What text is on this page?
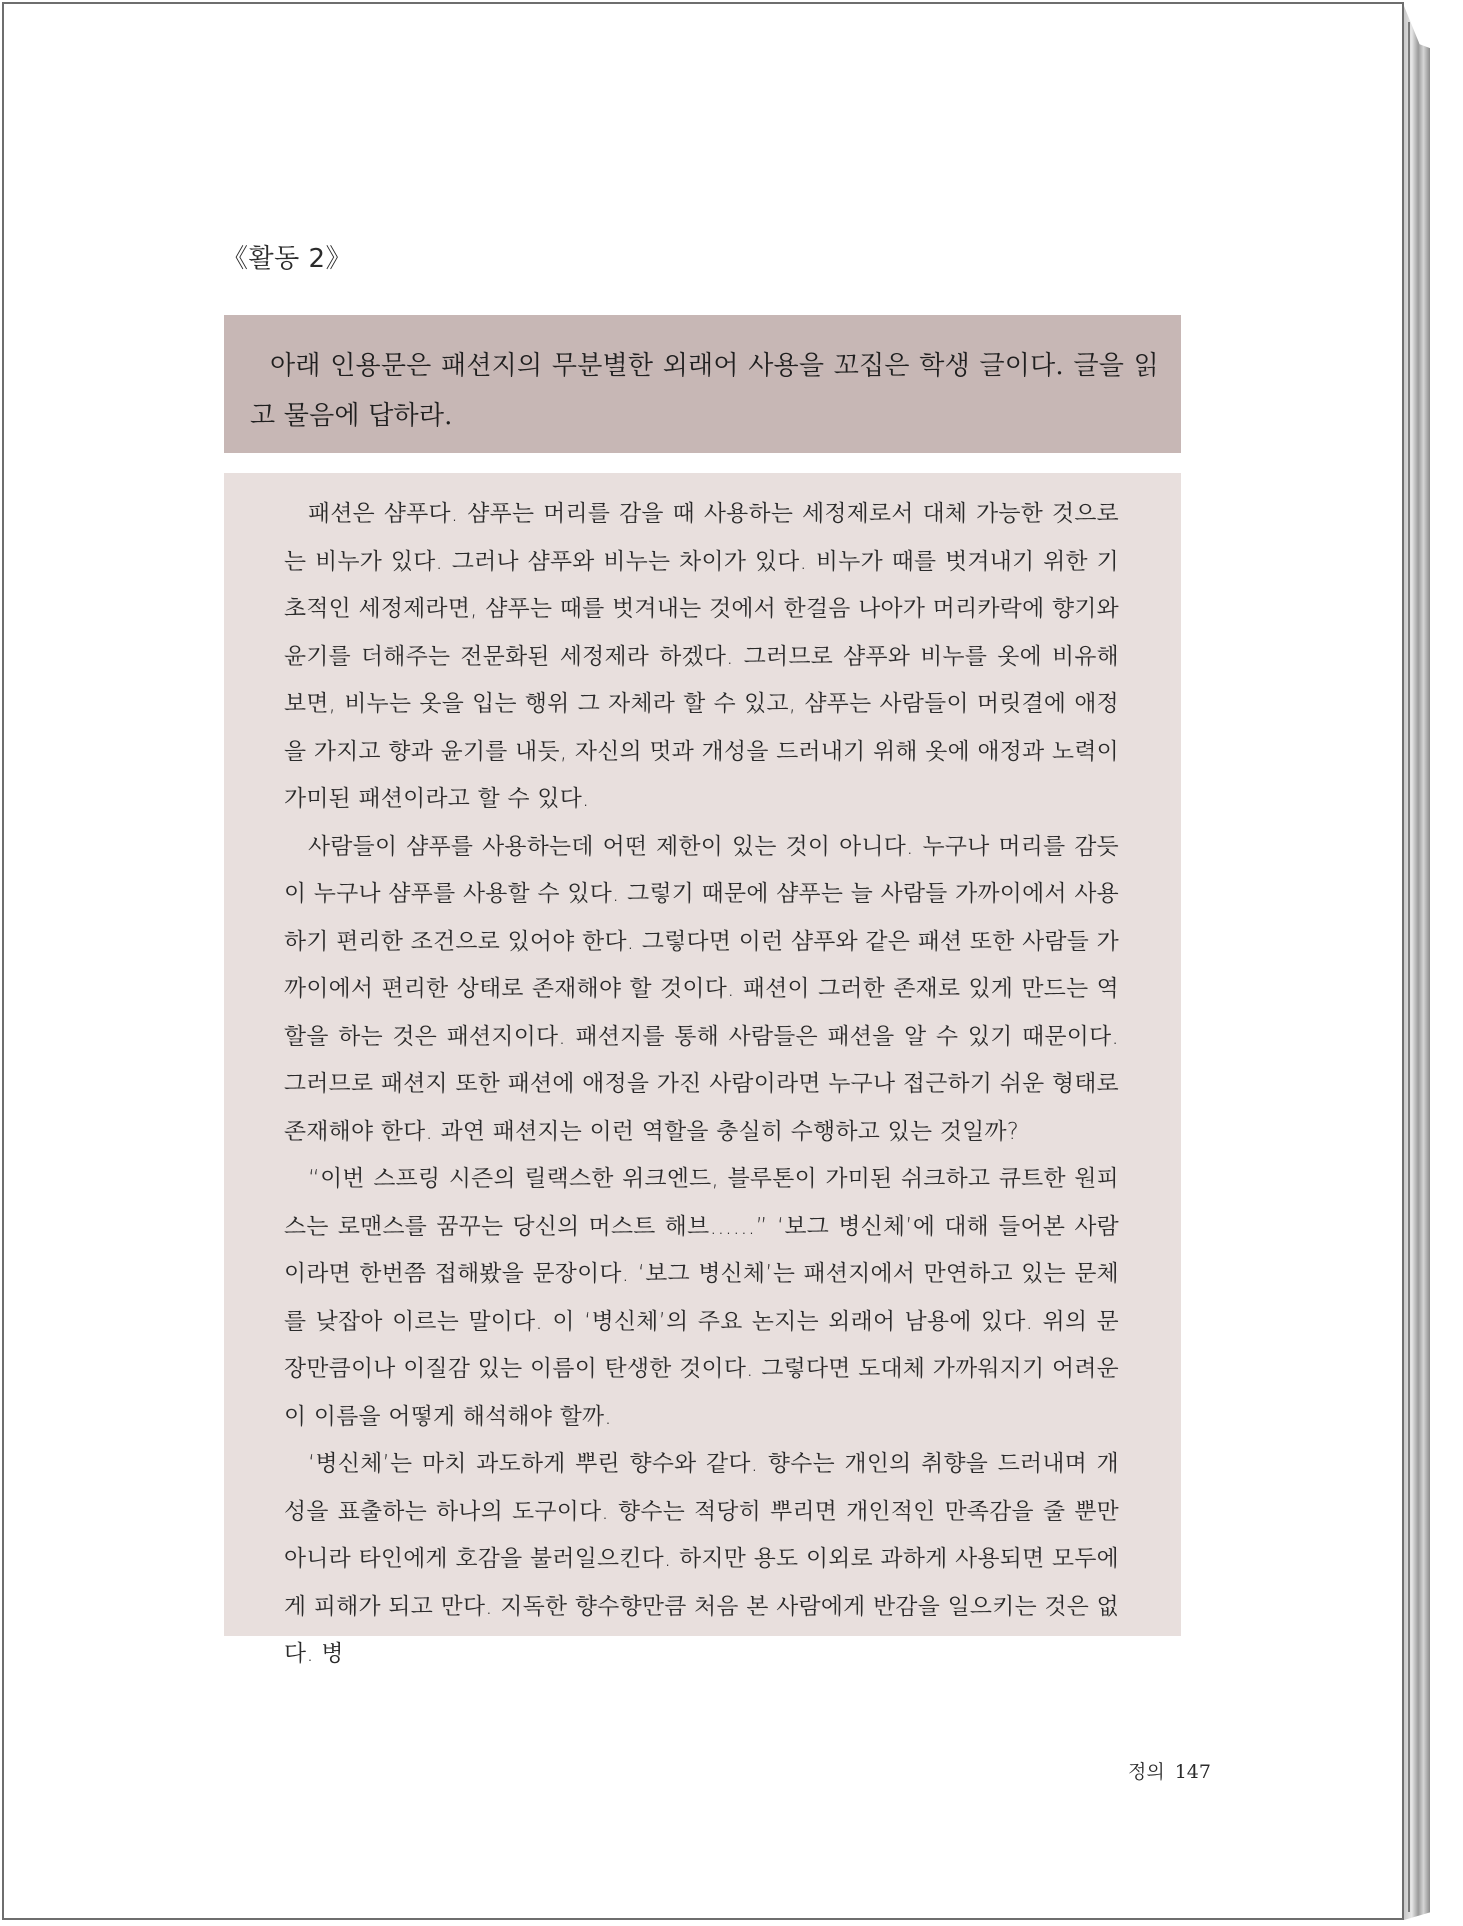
《활동 2》

아래 인용문은 패션지의 무분별한 외래어 사용을 꼬집은 학생 글이다. 글을 읽고 물음에 답하라.

패션은 샴푸다. 샴푸는 머리를 감을 때 사용하는 세정제로서 대체 가능한 것으로는 비누가 있다. 그러나 샴푸와 비누는 차이가 있다. 비누가 때를 벗겨내기 위한 기초적인 세정제라면, 샴푸는 때를 벗겨내는 것에서 한걸음 나아가 머리카락에 향기와 윤기를 더해주는 전문화된 세정제라 하겠다. 그러므로 샴푸와 비누를 옷에 비유해 보면, 비누는 옷을 입는 행위 그 자체라 할 수 있고, 샴푸는 사람들이 머릿결에 애정을 가지고 향과 윤기를 내듯, 자신의 멋과 개성을 드러내기 위해 옷에 애정과 노력이 가미된 패션이라고 할 수 있다.

사람들이 샴푸를 사용하는데 어떤 제한이 있는 것이 아니다. 누구나 머리를 감듯이 누구나 샴푸를 사용할 수 있다. 그렇기 때문에 샴푸는 늘 사람들 가까이에서 사용하기 편리한 조건으로 있어야 한다. 그렇다면 이런 샴푸와 같은 패션 또한 사람들 가까이에서 편리한 상태로 존재해야 할 것이다. 패션이 그러한 존재로 있게 만드는 역할을 하는 것은 패션지이다. 패션지를 통해 사람들은 패션을 알 수 있기 때문이다. 그러므로 패션지 또한 패션에 애정을 가진 사람이라면 누구나 접근하기 쉬운 형태로 존재해야 한다. 과연 패션지는 이런 역할을 충실히 수행하고 있는 것일까?

“이번 스프링 시즌의 릴랙스한 위크엔드, 블루톤이 가미된 쉬크하고 큐트한 원피스는 로맨스를 꿈꾸는 당신의 머스트 해브……” ‘보그 병신체’에 대해 들어본 사람이라면 한번쯤 접해봤을 문장이다. ‘보그 병신체’는 패션지에서 만연하고 있는 문체를 낮잡아 이르는 말이다. 이 ‘병신체’의 주요 논지는 외래어 남용에 있다. 위의 문장만큼이나 이질감 있는 이름이 탄생한 것이다. 그렇다면 도대체 가까워지기 어려운 이 이름을 어떻게 해석해야 할까.

‘병신체’는 마치 과도하게 뿌린 향수와 같다. 향수는 개인의 취향을 드러내며 개성을 표출하는 하나의 도구이다. 향수는 적당히 뿌리면 개인적인 만족감을 줄 뿐만 아니라 타인에게 호감을 불러일으킨다. 하지만 용도 이외로 과하게 사용되면 모두에게 피해가 되고 만다. 지독한 향수향만큼 처음 본 사람에게 반감을 일으키는 것은 없다. 병

정의 147
